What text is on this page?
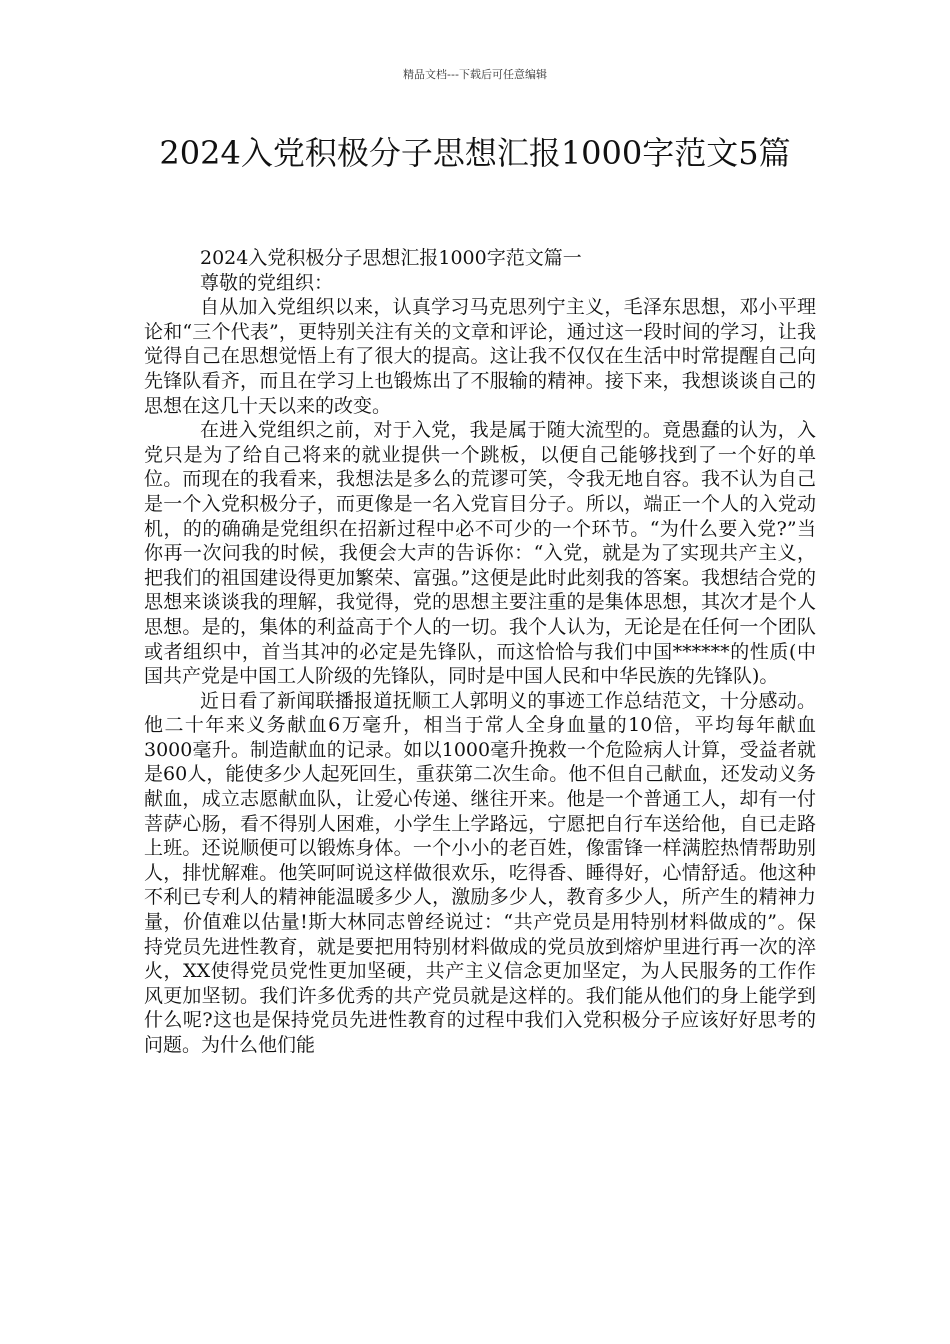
精品文档---下载后可任意编辑
2024入党积极分子思想汇报1000字范文5篇

2024入党积极分子思想汇报1000字范文篇一

尊敬的党组织：

自从加入党组织以来，认真学习马克思列宁主义，毛泽东思想，邓小平理论和“三个代表”，更特别关注有关的文章和评论，通过这一段时间的学习，让我觉得自己在思想觉悟上有了很大的提高。这让我不仅仅在生活中时常提醒自己向先锋队看齐，而且在学习上也锻炼出了不服输的精神。接下来，我想谈谈自己的思想在这几十天以来的改变。

在进入党组织之前，对于入党，我是属于随大流型的。竟愚蠢的认为，入党只是为了给自己将来的就业提供一个跳板，以便自己能够找到了一个好的单位。而现在的我看来，我想法是多么的荒谬可笑，令我无地自容。我不认为自己是一个入党积极分子，而更像是一名入党盲目分子。所以，端正一个人的入党动机，的的确确是党组织在招新过程中必不可少的一个环节。“为什么要入党?”当你再一次问我的时候，我便会大声的告诉你：“入党，就是为了实现共产主义，把我们的祖国建设得更加繁荣、富强。”这便是此时此刻我的答案。我想结合党的思想来谈谈我的理解，我觉得，党的思想主要注重的是集体思想，其次才是个人思想。是的，集体的利益高于个人的一切。我个人认为，无论是在任何一个团队或者组织中，首当其冲的必定是先锋队，而这恰恰与我们中国******的性质(中国共产党是中国工人阶级的先锋队，同时是中国人民和中华民族的先锋队)。

近日看了新闻联播报道抚顺工人郭明义的事迹工作总结范文，十分感动。他二十年来义务献血6万毫升，相当于常人全身血量的10倍，平均每年献血3000毫升。制造献血的记录。如以1000毫升挽救一个危险病人计算，受益者就是60人，能使多少人起死回生，重获第二次生命。他不但自己献血，还发动义务献血，成立志愿献血队，让爱心传递、继往开来。他是一个普通工人，却有一付菩萨心肠，看不得别人困难，小学生上学路远，宁愿把自行车送给他，自已走路上班。还说顺便可以锻炼身体。一个小小的老百姓，像雷锋一样满腔热情帮助别人，排忧解难。他笑呵呵说这样做很欢乐，吃得香、睡得好，心情舒适。他这种不利已专利人的精神能温暖多少人，激励多少人，教育多少人，所产生的精神力量，价值难以估量!斯大林同志曾经说过：“共产党员是用特别材料做成的”。保持党员先进性教育，就是要把用特别材料做成的党员放到熔炉里进行再一次的淬火，XX使得党员党性更加坚硬，共产主义信念更加坚定，为人民服务的工作作风更加坚韧。我们许多优秀的共产党员就是这样的。我们能从他们的身上能学到什么呢?这也是保持党员先进性教育的过程中我们入党积极分子应该好好思考的问题。为什么他们能
